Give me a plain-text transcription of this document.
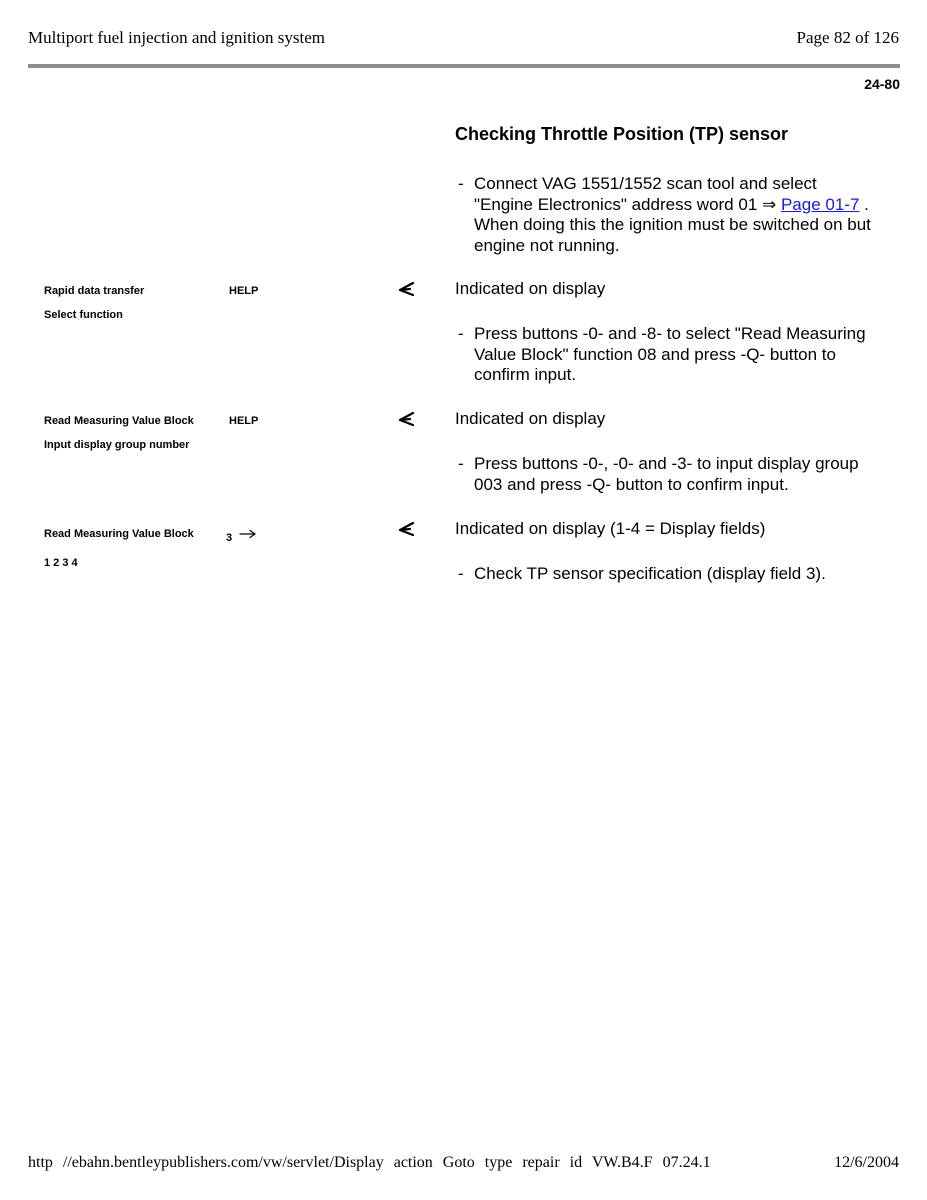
Multiport fuel injection and ignition system	Page 82 of 126
24-80
Checking Throttle Position (TP) sensor
- Connect VAG 1551/1552 scan tool and select "Engine Electronics" address word 01 ⇒ Page 01-7 . When doing this the ignition must be switched on but engine not running.
Rapid data transfer	HELP
Select function
Indicated on display
- Press buttons -0- and -8- to select "Read Measuring Value Block" function 08 and press -Q- button to confirm input.
Read Measuring Value Block	HELP
Input display group number
Indicated on display
- Press buttons -0-, -0- and -3- to input display group 003 and press -Q- button to confirm input.
Read Measuring Value Block	3
1 2 3 4
Indicated on display (1-4 = Display fields)
- Check TP sensor specification (display field 3).
http //ebahn.bentleypublishers.com/vw/servlet/Display action Goto type repair id VW.B4.F 07.24.1	12/6/2004
